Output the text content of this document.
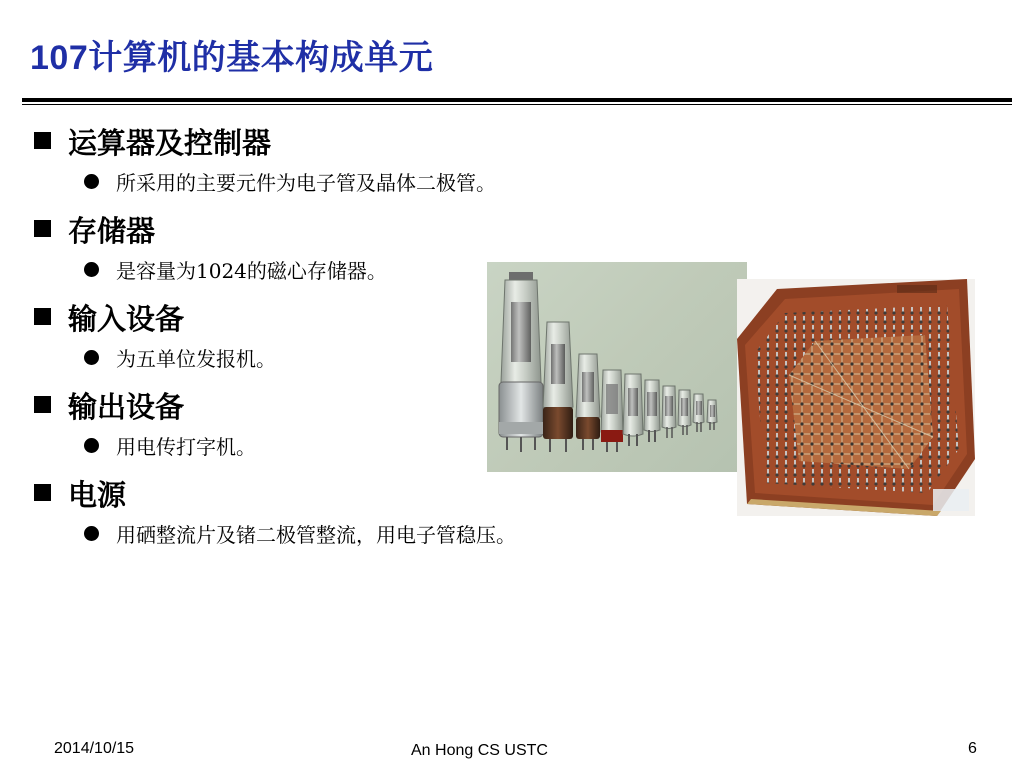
107计算机的基本构成单元
运算器及控制器
所采用的主要元件为电子管及晶体二极管。
存储器
是容量为1024的磁心存储器。
输入设备
为五单位发报机。
输出设备
用电传打字机。
电源
用硒整流片及锗二极管整流，用电子管稳压。
2014/10/15	An Hong CS USTC	6
